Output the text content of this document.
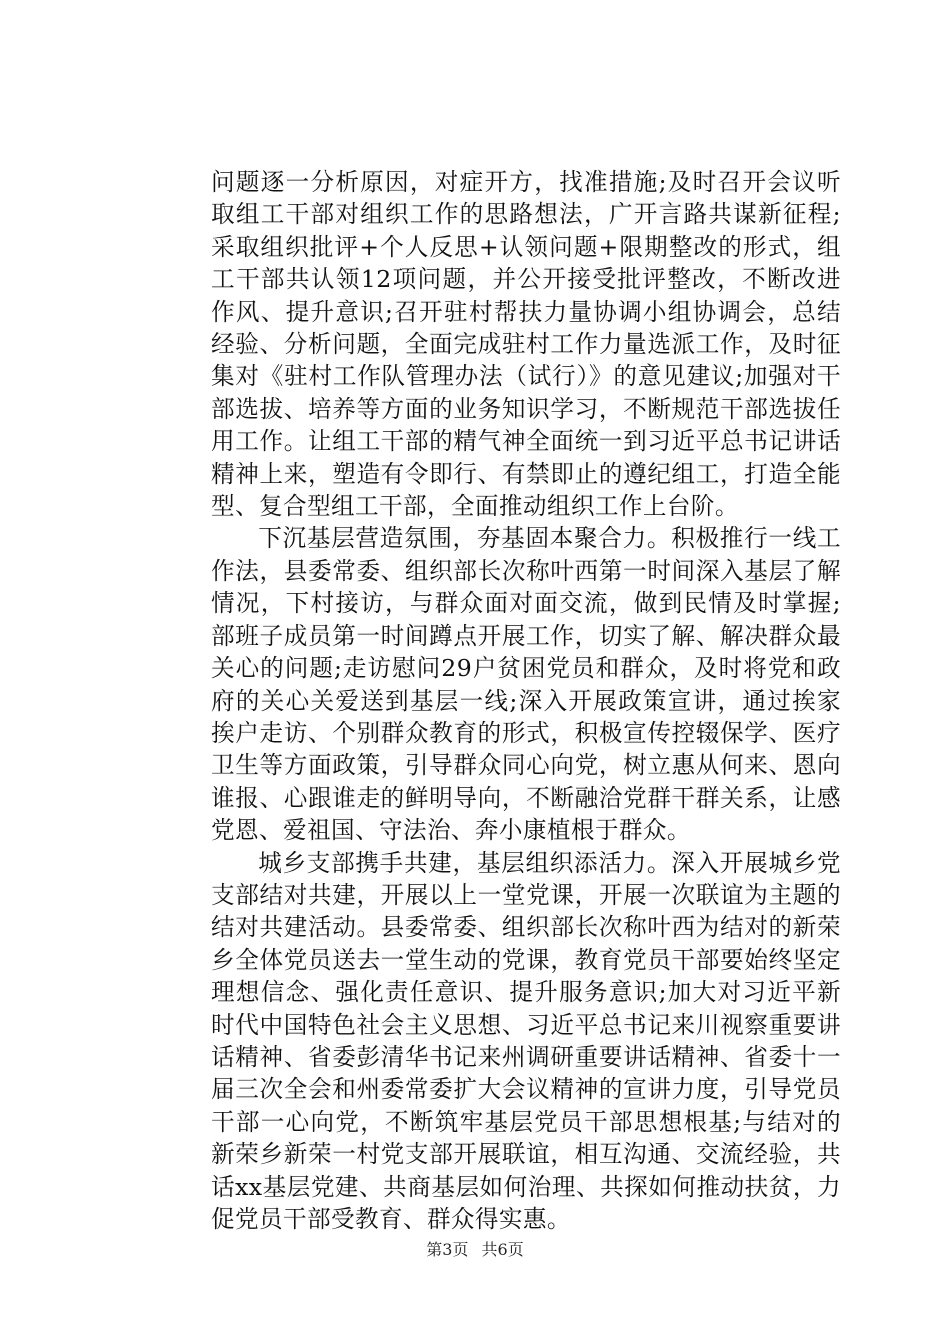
问题逐一分析原因，对症开方，找准措施;及时召开会议听取组工干部对组织工作的思路想法，广开言路共谋新征程;采取组织批评+个人反思+认领问题+限期整改的形式，组工干部共认领12项问题，并公开接受批评整改，不断改进作风、提升意识;召开驻村帮扶力量协调小组协调会，总结经验、分析问题，全面完成驻村工作力量选派工作，及时征集对《驻村工作队管理办法（试行）》的意见建议;加强对干部选拔、培养等方面的业务知识学习，不断规范干部选拔任用工作。让组工干部的精气神全面统一到习近平总书记讲话精神上来，塑造有令即行、有禁即止的遵纪组工，打造全能型、复合型组工干部，全面推动组织工作上台阶。

下沉基层营造氛围，夯基固本聚合力。积极推行一线工作法，县委常委、组织部长次称叶西第一时间深入基层了解情况，下村接访，与群众面对面交流，做到民情及时掌握;部班子成员第一时间蹲点开展工作，切实了解、解决群众最关心的问题;走访慰问29户贫困党员和群众，及时将党和政府的关心关爱送到基层一线;深入开展政策宣讲，通过挨家挨户走访、个别群众教育的形式，积极宣传控辍保学、医疗卫生等方面政策，引导群众同心向党，树立惠从何来、恩向谁报、心跟谁走的鲜明导向，不断融洽党群干群关系，让感党恩、爱祖国、守法治、奔小康植根于群众。

城乡支部携手共建，基层组织添活力。深入开展城乡党支部结对共建，开展以上一堂党课，开展一次联谊为主题的结对共建活动。县委常委、组织部长次称叶西为结对的新荣乡全体党员送去一堂生动的党课，教育党员干部要始终坚定理想信念、强化责任意识、提升服务意识;加大对习近平新时代中国特色社会主义思想、习近平总书记来川视察重要讲话精神、省委彭清华书记来州调研重要讲话精神、省委十一届三次全会和州委常委扩大会议精神的宣讲力度，引导党员干部一心向党，不断筑牢基层党员干部思想根基;与结对的新荣乡新荣一村党支部开展联谊，相互沟通、交流经验，共话xx基层党建、共商基层如何治理、共探如何推动扶贫，力促党员干部受教育、群众得实惠。

第3页 共6页
